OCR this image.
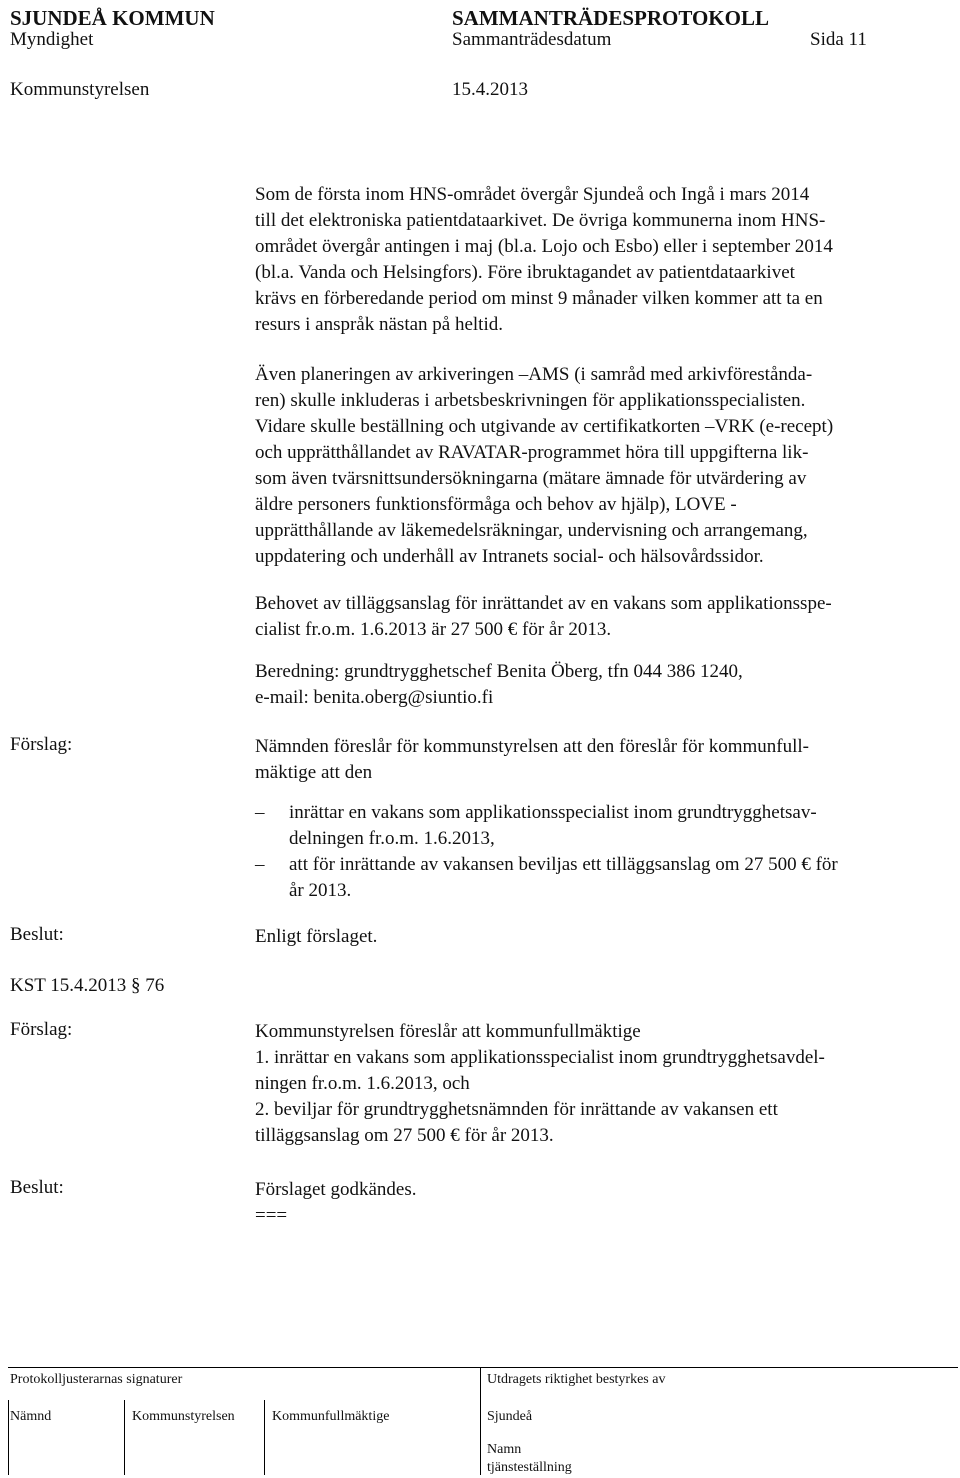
SJUNDEÅ KOMMUN	SAMMANTRÄDESPROTOKOLL
Myndighet	Sammanträdesdatum	Sida 11
Kommunstyrelsen	15.4.2013
Som de första inom HNS-området övergår Sjundeå och Ingå i mars 2014
till det elektroniska patientdataarkivet. De övriga kommunerna inom HNS-
området övergår antingen i maj (bl.a. Lojo och Esbo) eller i september 2014
(bl.a. Vanda och Helsingfors). Före ibruktagandet av patientdataarkivet
krävs en förberedande period om minst 9 månader vilken kommer att ta en
resurs i anspråk nästan på heltid.
Även planeringen av arkiveringen –AMS (i samråd med arkivförestånda-
ren) skulle inkluderas i arbetsbeskrivningen för applikationsspecialisten.
Vidare skulle beställning och utgivande av certifikatkorten –VRK (e-recept)
och upprätthållandet av RAVATAR-programmet höra till uppgifterna lik-
som även tvärsnittsundersökningarna (mätare ämnade för utvärdering av
äldre personers funktionsförmåga och behov av hjälp), LOVE -
upprätthållande av läkemedelsräkningar, undervisning och arrangemang,
uppdatering och underhåll av Intranets social- och hälsovårdssidor.
Behovet av tilläggsanslag för inrättandet av en vakans som applikationsspe-
cialist fr.o.m. 1.6.2013 är 27 500 € för år 2013.
Beredning: grundtrygghetschef Benita Öberg, tfn 044 386 1240,
e-mail: benita.oberg@siuntio.fi
Förslag:	Nämnden föreslår för kommunstyrelsen att den föreslår för kommunfull-
mäktige att den
– inrättar en vakans som applikationsspecialist inom grundtrygghetsav-
delningen fr.o.m. 1.6.2013,
– att för inrättande av vakansen beviljas ett tilläggsanslag om 27 500 € för
år 2013.
Beslut:	Enligt förslaget.
KST 15.4.2013 § 76
Förslag:	Kommunstyrelsen föreslår att kommunfullmäktige
1. inrättar en vakans som applikationsspecialist inom grundtrygghetsavdel-
ningen fr.o.m. 1.6.2013, och
2. beviljar för grundtrygghetsnämnden för inrättande av vakansen ett
tilläggsanslag om 27 500 € för år 2013.
Beslut:	Förslaget godkändes.
===
Protokolljusterarnas signaturer	Utdragets riktighet bestyrkes av
Nämnd	Kommunstyrelsen	Kommunfullmäktige	Sjundeå
Namn
tjänsteställning
